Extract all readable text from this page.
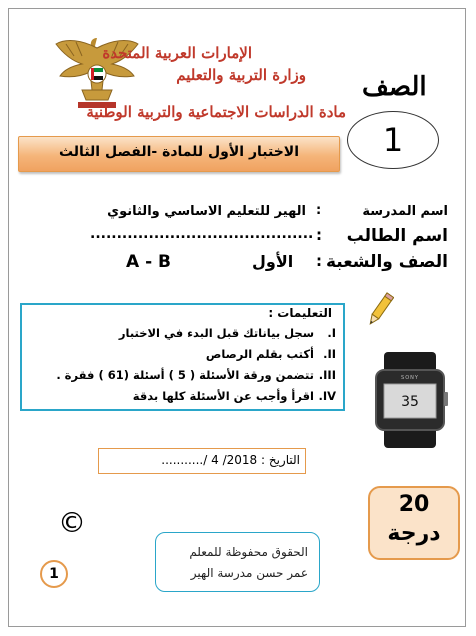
الإمارات العربية المتحدة
وزارة التربية والتعليم
مادة الدراسات الاجتماعية والتربية الوطنية
الصف
1
الاختبار الأول للمادة -الفصل الثالث
اسم المدرسة
:
الهير للتعليم الاساسي والثانوي
اسم الطالب
:
..........................................
الصف والشعبة
:
الأول
A - B
التعليمات :
I.
سجل بياناتك قبل البدء في الاختبار
II.
أكتب بقلم الرصاص
III.
تتضمن ورقة الأسئلة ( 5 ) أسئلة (61 ) فقرة .
IV.
اقرأ وأجب عن الأسئلة كلها بدقة
SONY
35
التاريخ : 2018/ 4 /...........
20
درجة
©
الحقوق محفوظة للمعلم
عمر حسن مدرسة الهير
1
